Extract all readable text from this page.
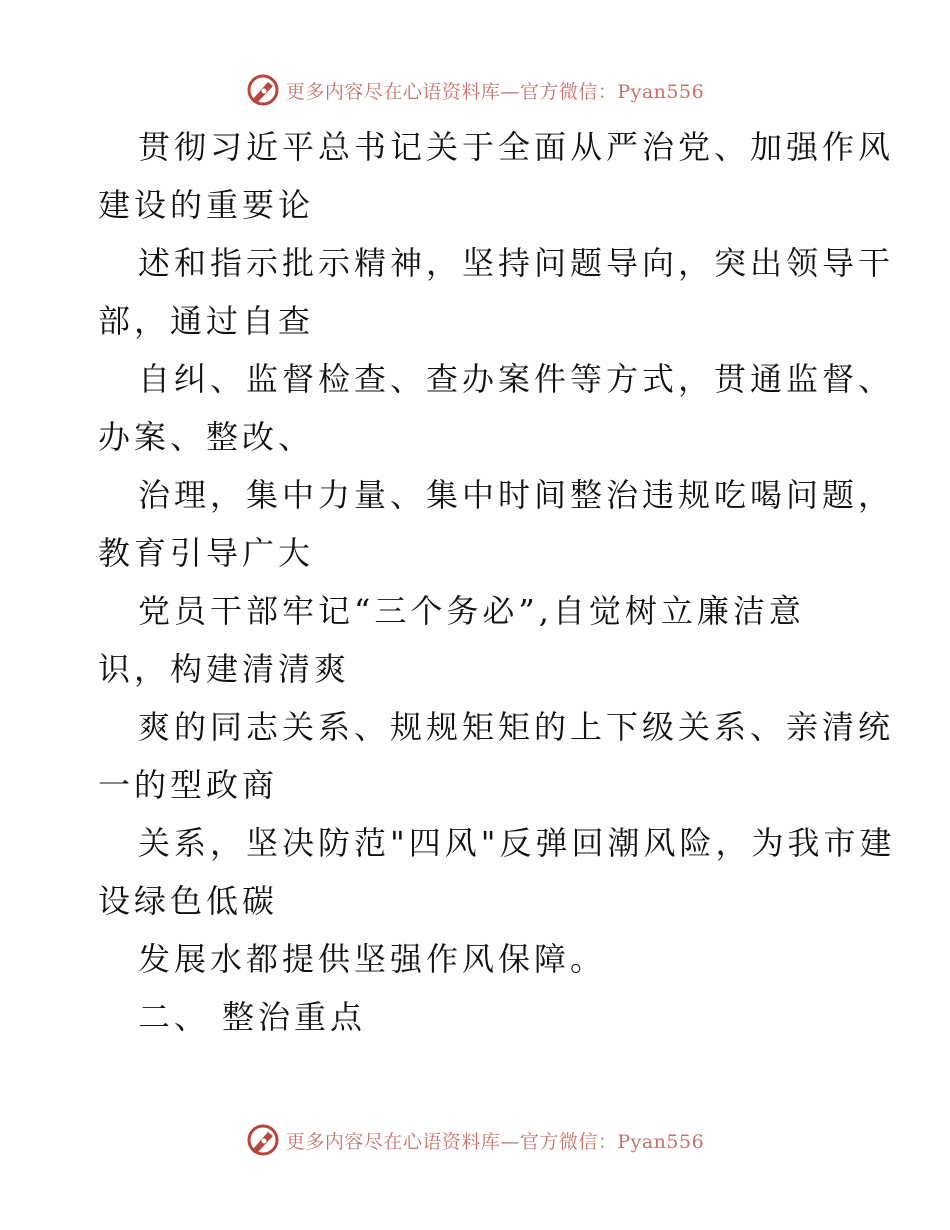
更多内容尽在心语资料库—官方微信：Pyan556
贯彻习近平总书记关于全面从严治党、加强作风
建设的重要论
述和指示批示精神，坚持问题导向，突出领导干
部，通过自查
自纠、监督检查、查办案件等方式，贯通监督、
办案、整改、
治理，集中力量、集中时间整治违规吃喝问题，
教育引导广大
党员干部牢记“三个务必”,自觉树立廉洁意
识，构建清清爽
爽的同志关系、规规矩矩的上下级关系、亲清统
一的型政商
关系，坚决防范"四风"反弹回潮风险，为我市建
设绿色低碳
发展水都提供坚强作风保障。
二、 整治重点
更多内容尽在心语资料库—官方微信：Pyan556
